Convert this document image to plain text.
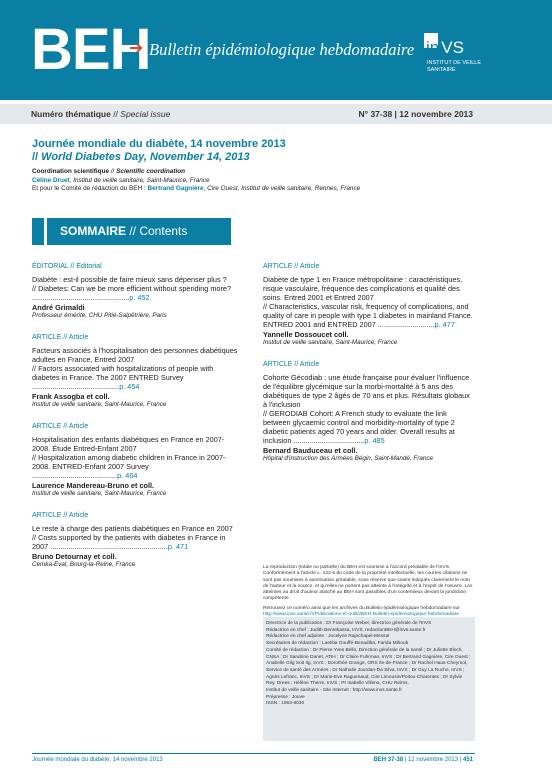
BEH
Bulletin épidémiologique hebdomadaire in VS
INSTITUT DE VEILLE SANITAIRE
Numéro thématique // Special issue	N° 37-38 | 12 novembre 2013
Journée mondiale du diabète, 14 novembre 2013
// World Diabetes Day, November 14, 2013
Coordination scientifique // Scientific coordination
Céline Druet, Institut de veille sanitaire, Saint-Maurice, France
Et pour le Comité de rédaction du BEH : Bertrand Gagnière, Cire Ouest, Institut de veille sanitaire, Rennes, France
SOMMAIRE // Contents
ÉDITORIAL // Editorial
Diabète : est-il possible de faire mieux sans dépenser plus ?
// Diabetes: Can we be more efficient without spending more? ................................................p. 452
André Grimaldi
Professeur émérite, CHU Pitié-Salpêtrière, Paris
ARTICLE // Article
Facteurs associés à l'hospitalisation des personnes diabétiques adultes en France, Entred 2007
// Factors associated with hospitalizations of people with diabetes in France. The 2007 ENTRED Survey ...........................................p. 454
Frank Assogba et coll.
Institut de veille sanitaire, Saint-Maurice, France
ARTICLE // Article
Hospitalisation des enfants diabétiques en France en 2007-2008. Étude Entred-Enfant 2007
// Hospitalization among diabetic children in France in 2007-2008. ENTRED-Enfant 2007 Survey ..........................................p. 464
Laurence Mandereau-Bruno et coll.
Institut de veille sanitaire, Saint-Maurice, France
ARTICLE // Article
Le reste à charge des patients diabétiques en France en 2007
// Costs supported by the patients with diabetes in France in 2007 ..........................................................p. 471
Bruno Detournay et coll.
Cemka-Eval, Bourg-la-Reine, France
ARTICLE // Article
Diabète de type 1 en France métropolitaine : caractéristiques, risque vasculaire, fréquence des complications et qualité des soins. Entred 2001 et Entred 2007
// Characteristics, vascular risk, frequency of complications, and quality of care in people with type 1 diabetes in mainland France. ENTRED 2001 and ENTRED 2007 ............................p. 477
Yannelle Dossoucet coll.
Institut de veille sanitaire, Saint-Maurice, France
ARTICLE // Article
Cohorte Gécodiab : une étude française pour évaluer l'influence de l'équilibre glycémique sur la morbi-mortalité à 5 ans des diabétiques de type 2 âgés de 70 ans et plus. Résultats globaux à l'inclusion
// GERODIAB Cohort: A French study to evaluate the link between glycaemic control and morbidity-mortality of type 2 diabetic patients aged 70 years and older. Overall results at inclusion ...................................p. 485
Bernard Bauduceau et coll.
Hôpital d'instruction des Armées Bégin, Saint-Mandé, France
La reproduction (totale ou partielle) du BEH est soumise à l'accord préalable de l'InVS. Conformément à l'article L. 122-5 du code de la propriété intellectuelle, les courtes citations ne sont pas soumises à autorisation préalable, sous réserve que soient indiqués clairement le nom de l'auteur et la source, et qu'elles ne portent pas atteinte à l'intégrité et à l'esprit de l'oeuvre. Les atteintes au droit d'auteur attaché au BEH sont passibles d'un contentieux devant la juridiction compétente.
Retrouvez ce numéro ainsi que les archives du Bulletin épidémiologique hebdomadaire sur
http://www.invs.sante.fr/Publications-et-outils/BEH-Bulletin-epidemiologique-hebdomadaire
Directrice de la publication : Dr Françoise Weber, directrice générale de l'InVS
Rédactrice en chef : Judith Benrekassa, InVS, redactionBEH@invs.sante.fr
Rédactrice en chef adjointe : Jocelyne Rajnchapel-Messaï
Secrétaires de rédaction : Laetitia Gouffé-Benadiba, Farida Mihoub
Comité de rédaction : Dr Pierre-Yves Bello, Direction générale de la santé ; Dr Juliette Bloch, CNSA ; Dr Sandrine Danet, ATIH ; Dr Claire Fuhrman, InVS ; Dr Bertrand Gagnière, Cire Ouest ; Anabelle Gilg Soit Ilg, InVS ; Dorothée Grange, ORS Ile-de-France ; Dr Rachel Haus-Cheymol, Service de santé des Armées ; Dr Nathalie Jourdan-Da Silva, InVS ; Dr Guy La Ruche, InVS ; Agnès Lefranc, InVS ; Dr Marie-Eve Raguenaud, Cire Limousin/Poitou-Charentes ; Dr Sylvie Rey, Drees ; Hélène Therre, InVS ; Pr Isabelle Villena, CHU Reims.
Institut de veille sanitaire - Site Internet : http://www.invs.sante.fr
Prépresse : Jouve
ISSN : 1953-8030
Journée mondiale du diabète, 14 novembre 2013	BEH 37-38 | 12 novembre 2013 | 451
